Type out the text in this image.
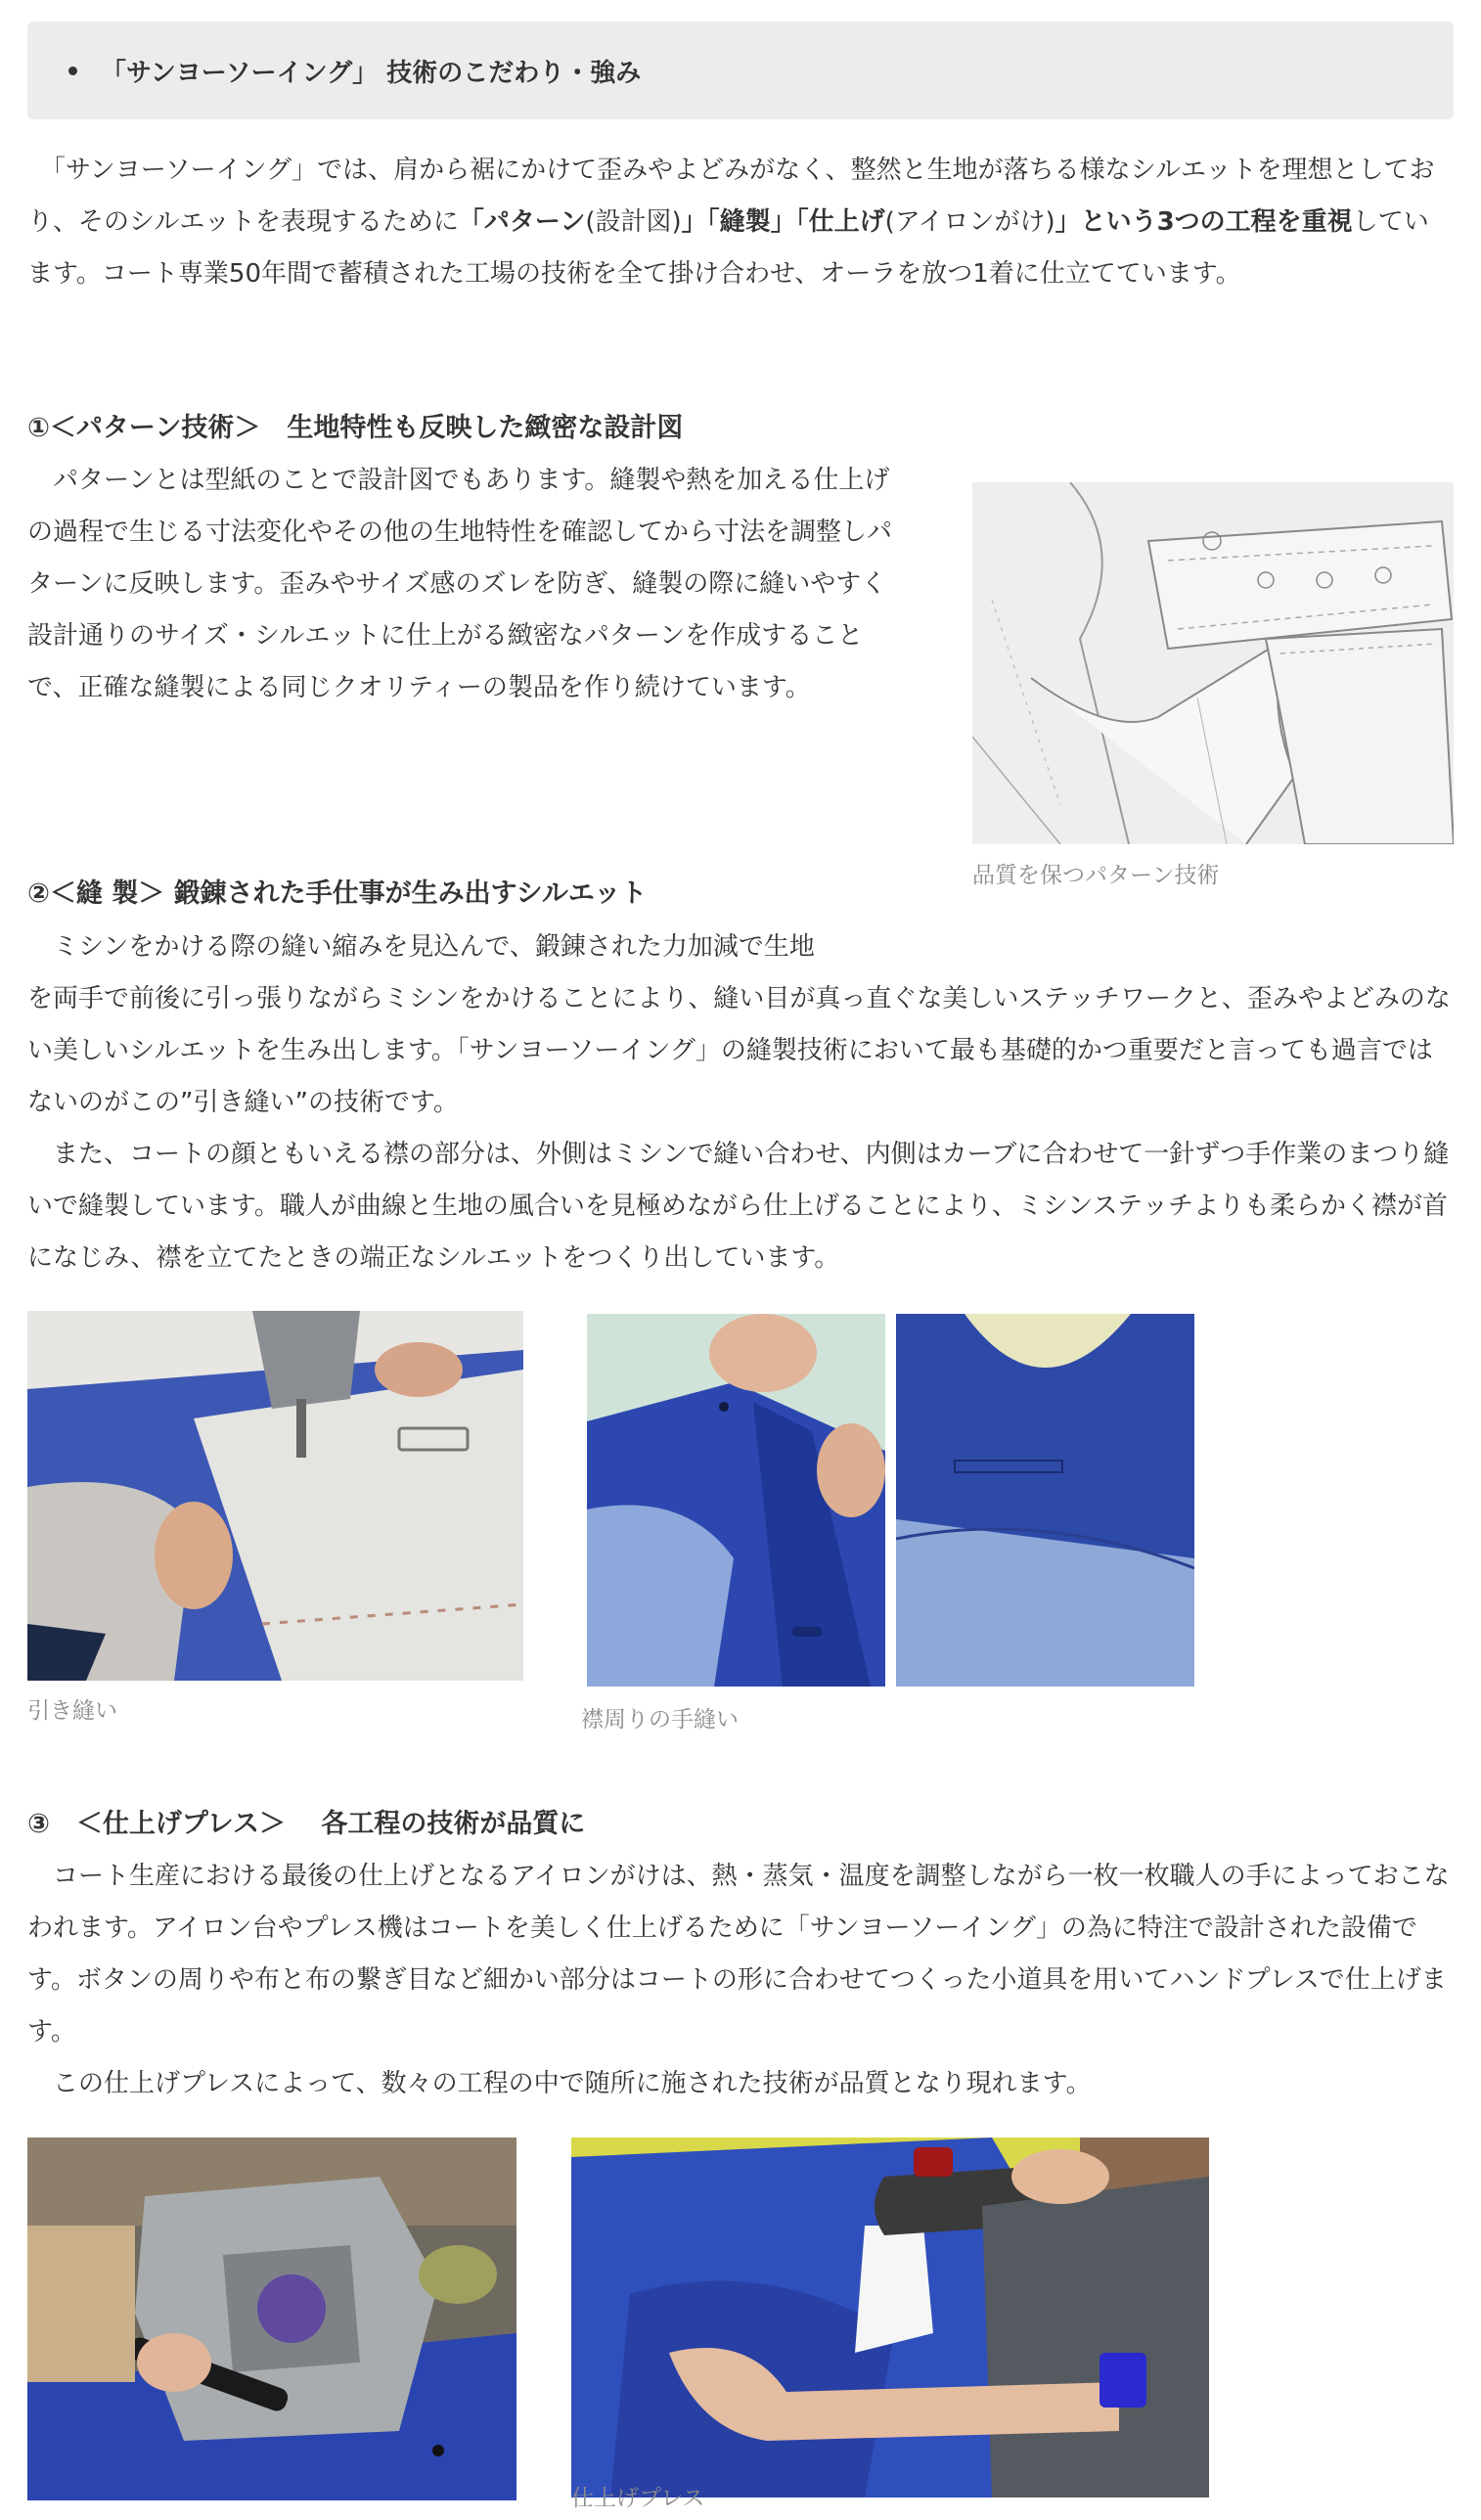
「サンヨーソーイング」 技術のこだわり・強み

　「サンヨーソーイング」では、肩から裾にかけて歪みやよどみがなく、整然と生地が落ちる様なシルエットを理想としており、そのシルエットを表現するために「パターン(設計図)」「縫製」「仕上げ(アイロンがけ)」という3つの工程を重視しています。コート専業50年間で蓄積された工場の技術を全て掛け合わせ、オーラを放つ1着に仕立てています。

①＜パターン技術＞　生地特性も反映した緻密な設計図

　パターンとは型紙のことで設計図でもあります。縫製や熱を加える仕上げの過程で生じる寸法変化やその他の生地特性を確認してから寸法を調整しパターンに反映します。歪みやサイズ感のズレを防ぎ、縫製の際に縫いやすく設計通りのサイズ・シルエットに仕上がる緻密なパターンを作成することで、正確な縫製による同じクオリティーの製品を作り続けています。

品質を保つパターン技術
②＜縫 製＞ 鍛錬された手仕事が生み出すシルエット

　ミシンをかける際の縫い縮みを見込んで、鍛錬された力加減で生地

を両手で前後に引っ張りながらミシンをかけることにより、縫い目が真っ直ぐな美しいステッチワークと、歪みやよどみのない美しいシルエットを生み出します。「サンヨーソーイング」の縫製技術において最も基礎的かつ重要だと言っても過言ではないのがこの”引き縫い”の技術です。

　また、コートの顔ともいえる襟の部分は、外側はミシンで縫い合わせ、内側はカーブに合わせて一針ずつ手作業のまつり縫いで縫製しています。職人が曲線と生地の風合いを見極めながら仕上げることにより、ミシンステッチよりも柔らかく襟が首になじみ、襟を立てたときの端正なシルエットをつくり出しています。

引き縫い	襟周りの手縫い
③　＜仕上げプレス＞　 各工程の技術が品質に

　コート生産における最後の仕上げとなるアイロンがけは、熱・蒸気・温度を調整しながら一枚一枚職人の手によっておこなわれます。アイロン台やプレス機はコートを美しく仕上げるために「サンヨーソーイング」の為に特注で設計された設備です。ボタンの周りや布と布の繋ぎ目など細かい部分はコートの形に合わせてつくった小道具を用いてハンドプレスで仕上げます。

　この仕上げプレスによって、数々の工程の中で随所に施された技術が品質となり現れます。

仕上げプレス
